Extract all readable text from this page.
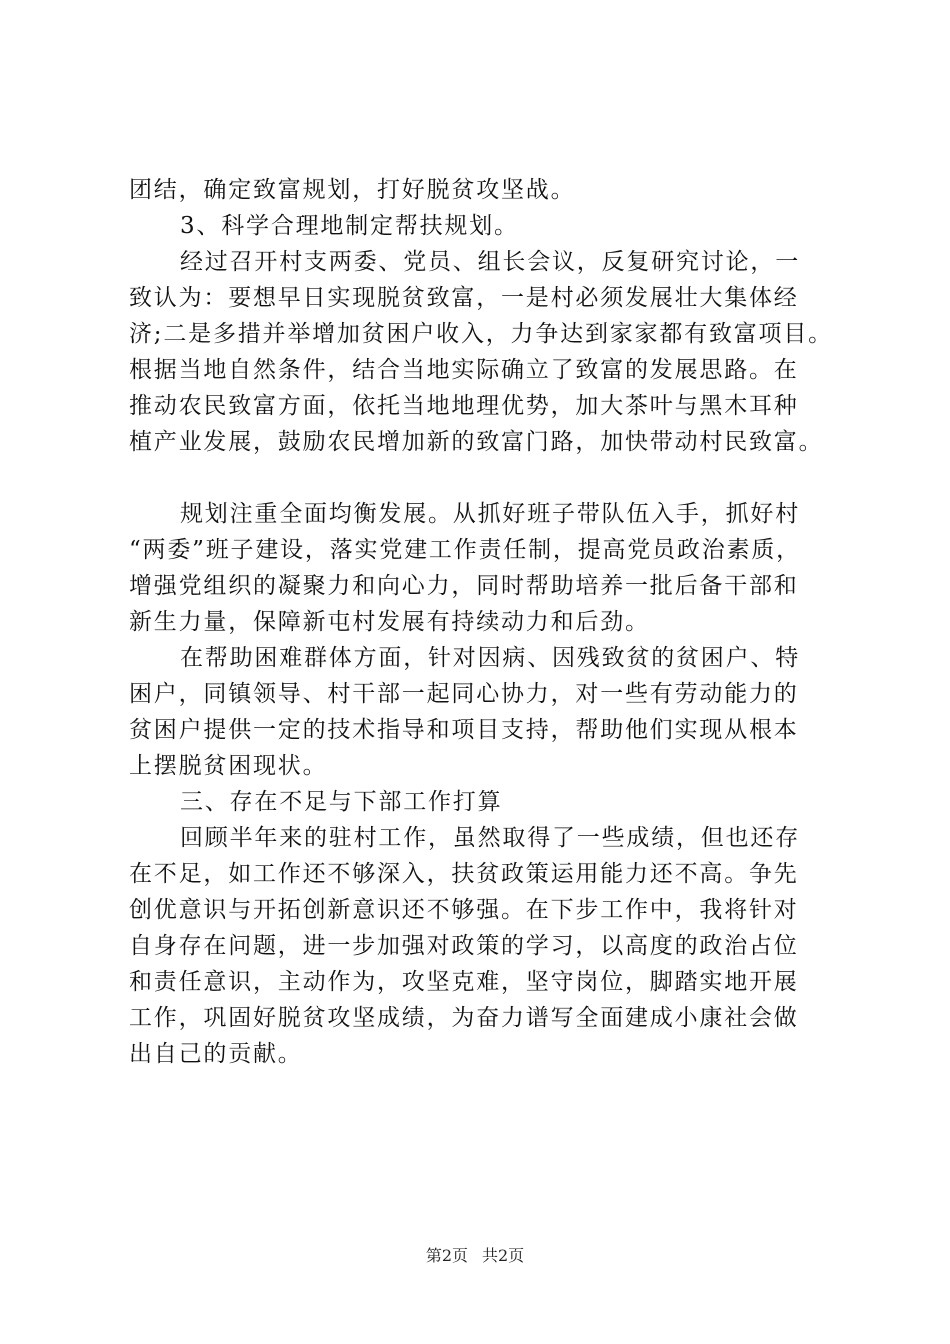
团结，确定致富规划，打好脱贫攻坚战。
3、科学合理地制定帮扶规划。
经过召开村支两委、党员、组长会议，反复研究讨论，一
致认为：要想早日实现脱贫致富，一是村必须发展壮大集体经
济;二是多措并举增加贫困户收入，力争达到家家都有致富项目。
根据当地自然条件，结合当地实际确立了致富的发展思路。在
推动农民致富方面，依托当地地理优势，加大茶叶与黑木耳种
植产业发展，鼓励农民增加新的致富门路，加快带动村民致富。
规划注重全面均衡发展。从抓好班子带队伍入手，抓好村
“两委”班子建设，落实党建工作责任制，提高党员政治素质，
增强党组织的凝聚力和向心力，同时帮助培养一批后备干部和
新生力量，保障新屯村发展有持续动力和后劲。
在帮助困难群体方面，针对因病、因残致贫的贫困户、特
困户，同镇领导、村干部一起同心协力，对一些有劳动能力的
贫困户提供一定的技术指导和项目支持，帮助他们实现从根本
上摆脱贫困现状。
三、存在不足与下部工作打算
回顾半年来的驻村工作，虽然取得了一些成绩，但也还存
在不足，如工作还不够深入，扶贫政策运用能力还不高。争先
创优意识与开拓创新意识还不够强。在下步工作中，我将针对
自身存在问题，进一步加强对政策的学习，以高度的政治占位
和责任意识，主动作为，攻坚克难，坚守岗位，脚踏实地开展
工作，巩固好脱贫攻坚成绩，为奋力谱写全面建成小康社会做
出自己的贡献。
第2页 共2页
